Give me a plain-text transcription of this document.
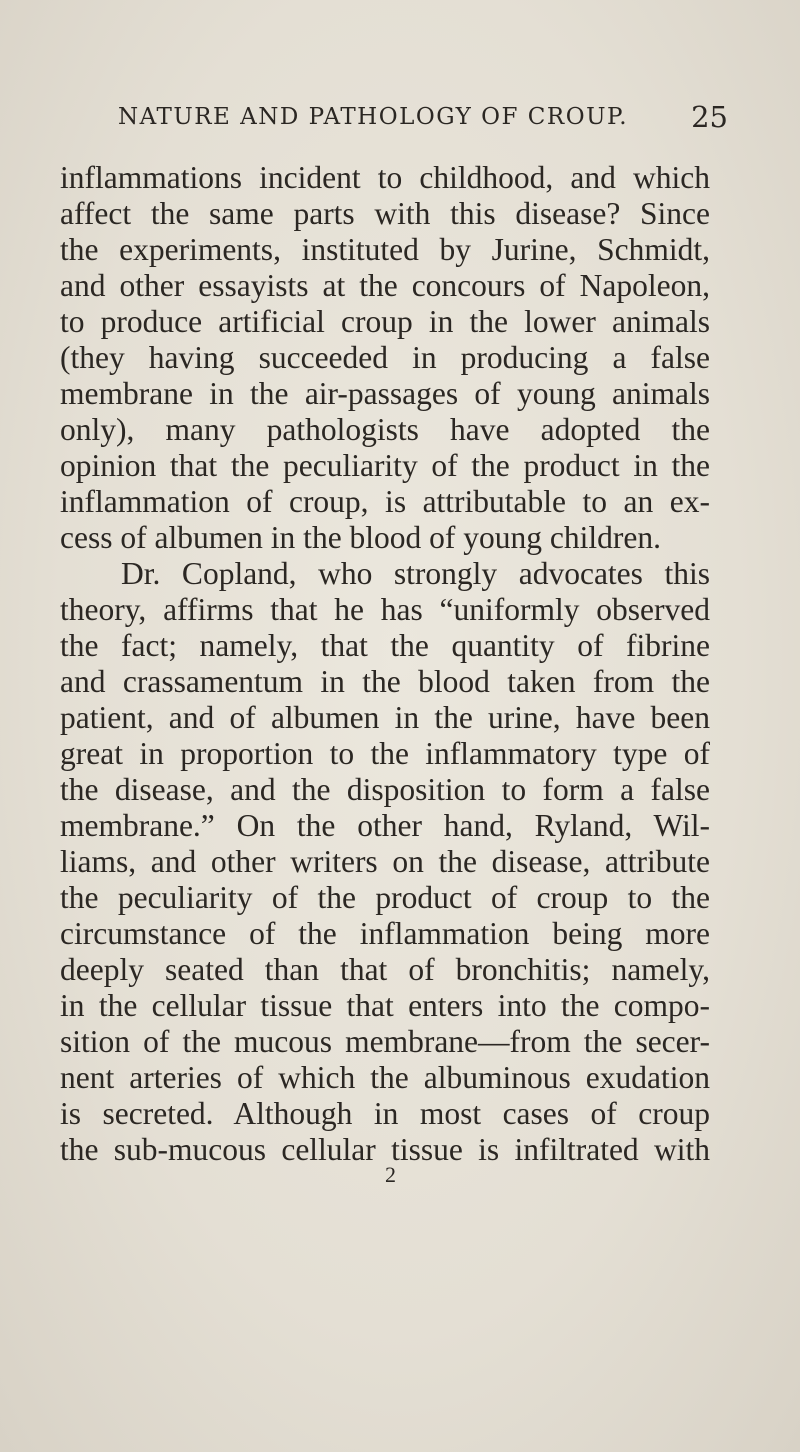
NATURE AND PATHOLOGY OF CROUP. 25
inflammations incident to childhood, and which
affect the same parts with this disease? Since
the experiments, instituted by Jurine, Schmidt,
and other essayists at the concours of Napoleon,
to produce artificial croup in the lower animals
(they having succeeded in producing a false
membrane in the air-passages of young animals
only), many pathologists have adopted the
opinion that the peculiarity of the product in the
inflammation of croup, is attributable to an ex-
cess of albumen in the blood of young children.
Dr. Copland, who strongly advocates this
theory, affirms that he has “uniformly observed
the fact; namely, that the quantity of fibrine
and crassamentum in the blood taken from the
patient, and of albumen in the urine, have been
great in proportion to the inflammatory type of
the disease, and the disposition to form a false
membrane.” On the other hand, Ryland, Wil-
liams, and other writers on the disease, attribute
the peculiarity of the product of croup to the
circumstance of the inflammation being more
deeply seated than that of bronchitis; namely,
in the cellular tissue that enters into the compo-
sition of the mucous membrane—from the secer-
nent arteries of which the albuminous exudation
is secreted. Although in most cases of croup
the sub-mucous cellular tissue is infiltrated with
2
